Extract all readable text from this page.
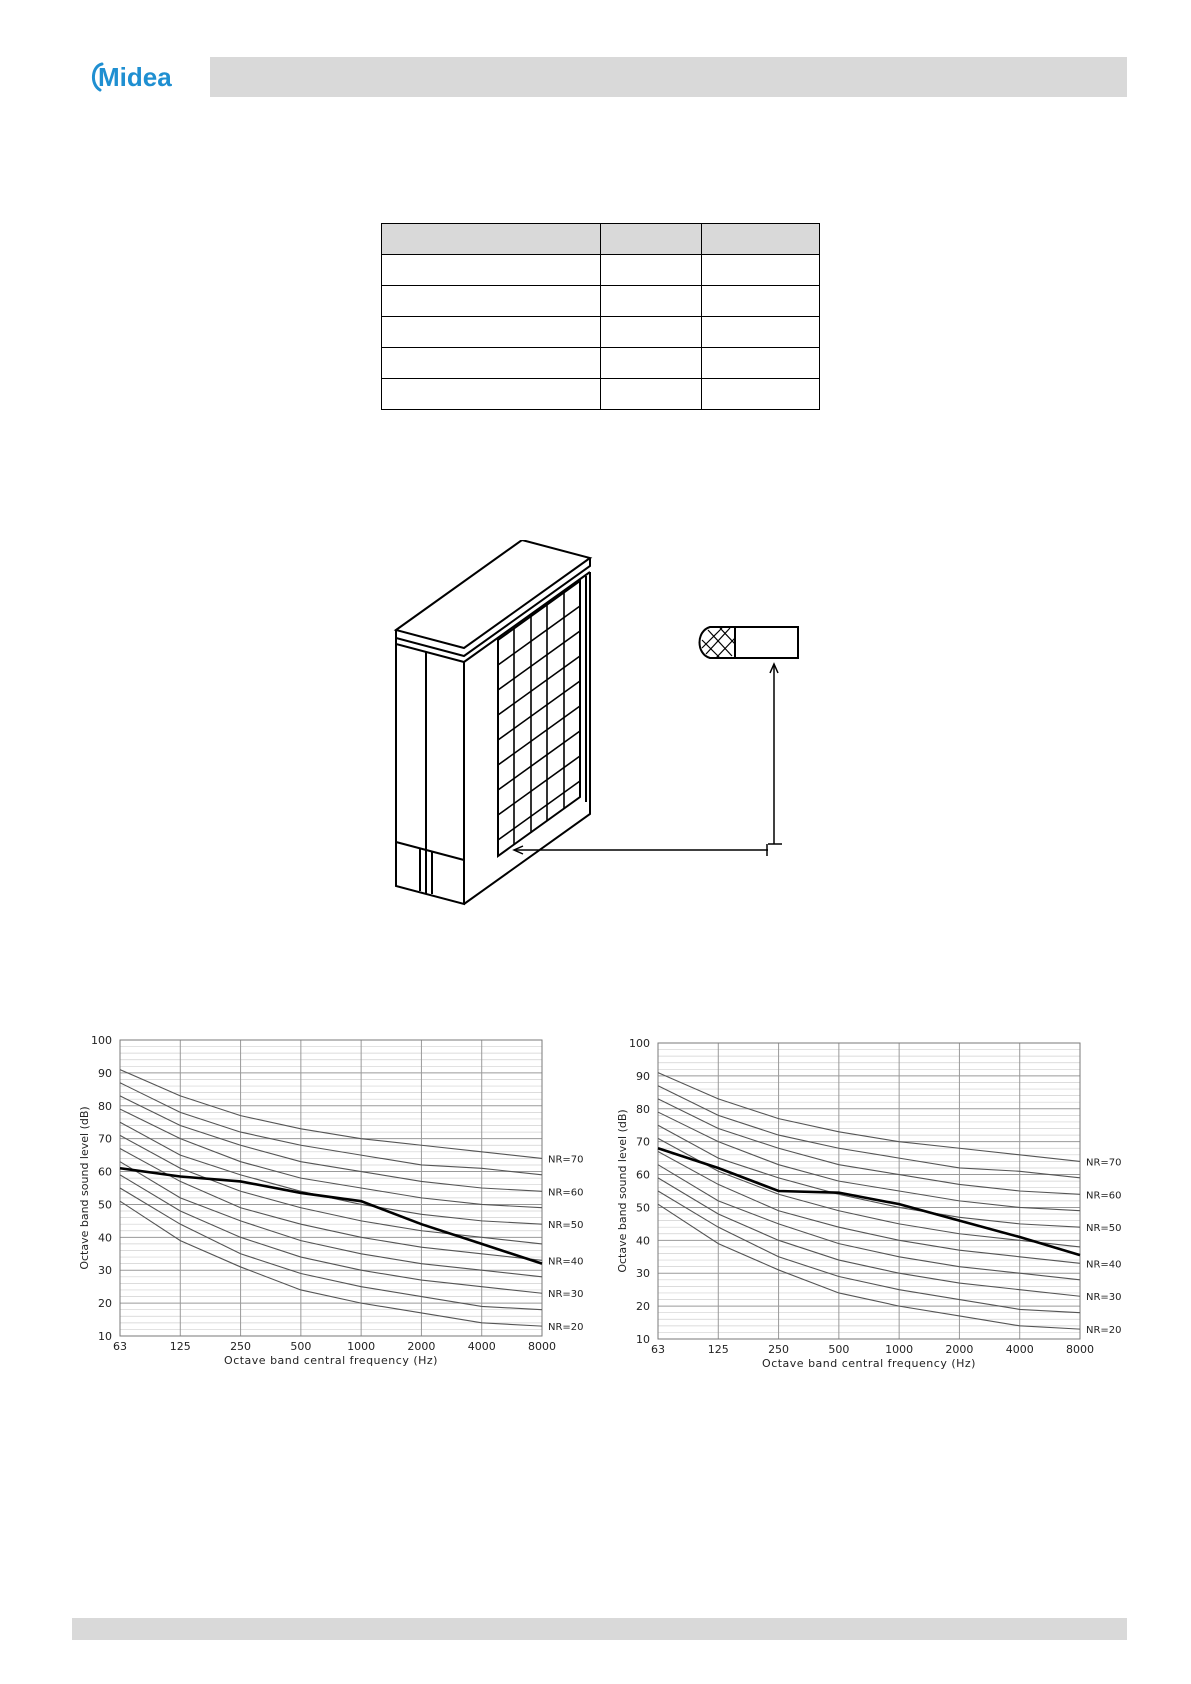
Midea

10
20
30
40
50
60
70
80
90
100
63	125	250	500	1000	2000	4000	8000
Octave band central frequency (Hz)
Octave band sound level (dB)	NR=70
NR=60
NR=50
NR=40
NR=30
NR=20
10
20
30
40
50
60
70
80
90
100
63	125	250	500	1000	2000	4000	8000
Octave band central frequency (Hz)
Octave band sound level (dB)	NR=70
NR=60
NR=50
NR=40
NR=30
NR=20
